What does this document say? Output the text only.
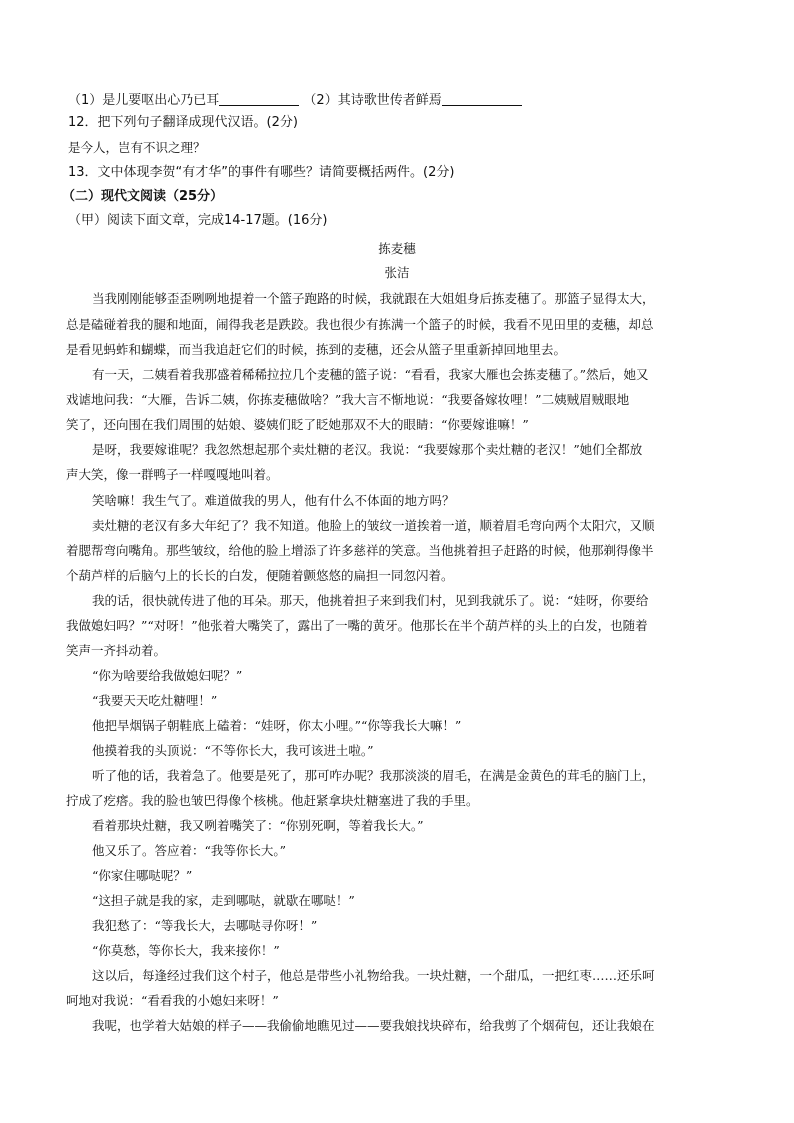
（1）是儿要呕出心乃已耳	（2）其诗歌世传者鲜焉
12．把下列句子翻译成现代汉语。(2分)
是今人，岂有不识之理？
13．文中体现李贺“有才华”的事件有哪些？请简要概括两件。(2分)
（二）现代文阅读（25分）
（甲）阅读下面文章，完成14-17题。(16分)
拣麦穗
张洁
当我刚刚能够歪歪咧咧地提着一个篮子跑路的时候，我就跟在大姐姐身后拣麦穗了。那篮子显得太大，
总是磕碰着我的腿和地面，闹得我老是跌跤。我也很少有拣满一个篮子的时候，我看不见田里的麦穗，却总
是看见蚂蚱和蝴蝶，而当我追赶它们的时候，拣到的麦穗，还会从篮子里重新掉回地里去。
有一天，二姨看着我那盛着稀稀拉拉几个麦穗的篮子说：“看看，我家大雁也会拣麦穗了。”然后，她又
戏谑地问我：“大雁，告诉二姨，你拣麦穗做啥？”我大言不惭地说：“我要备嫁妆哩！”二姨贼眉贼眼地
笑了，还向围在我们周围的姑娘、婆姨们眨了眨她那双不大的眼睛：“你要嫁谁嘛！”
是呀，我要嫁谁呢？我忽然想起那个卖灶糖的老汉。我说：“我要嫁那个卖灶糖的老汉！”她们全都放
声大笑，像一群鸭子一样嘎嘎地叫着。
笑啥嘛！我生气了。难道做我的男人，他有什么不体面的地方吗？
卖灶糖的老汉有多大年纪了？我不知道。他脸上的皱纹一道挨着一道，顺着眉毛弯向两个太阳穴，又顺
着腮帮弯向嘴角。那些皱纹，给他的脸上增添了许多慈祥的笑意。当他挑着担子赶路的时候，他那剃得像半
个葫芦样的后脑勺上的长长的白发，便随着颤悠悠的扁担一同忽闪着。
我的话，很快就传进了他的耳朵。那天，他挑着担子来到我们村，见到我就乐了。说：“娃呀，你要给
我做媳妇吗？”“对呀！”他张着大嘴笑了，露出了一嘴的黄牙。他那长在半个葫芦样的头上的白发，也随着
笑声一齐抖动着。
“你为啥要给我做媳妇呢？”
“我要天天吃灶糖哩！”
他把旱烟锅子朝鞋底上磕着：“娃呀，你太小哩。”“你等我长大嘛！”
他摸着我的头顶说：“不等你长大，我可该进土啦。”
听了他的话，我着急了。他要是死了，那可咋办呢？我那淡淡的眉毛，在满是金黄色的茸毛的脑门上，
拧成了疙瘩。我的脸也皱巴得像个核桃。他赶紧拿块灶糖塞进了我的手里。
看着那块灶糖，我又咧着嘴笑了：“你别死啊，等着我长大。”
他又乐了。答应着：“我等你长大。”
“你家住哪哒呢？”
“这担子就是我的家，走到哪哒，就歇在哪哒！”
我犯愁了：“等我长大，去哪哒寻你呀！”
“你莫愁，等你长大，我来接你！”
这以后，每逢经过我们这个村子，他总是带些小礼物给我。一块灶糖，一个甜瓜，一把红枣……还乐呵
呵地对我说：“看看我的小媳妇来呀！”
我呢，也学着大姑娘的样子——我偷偷地瞧见过——要我娘找块碎布，给我剪了个烟荷包，还让我娘在
